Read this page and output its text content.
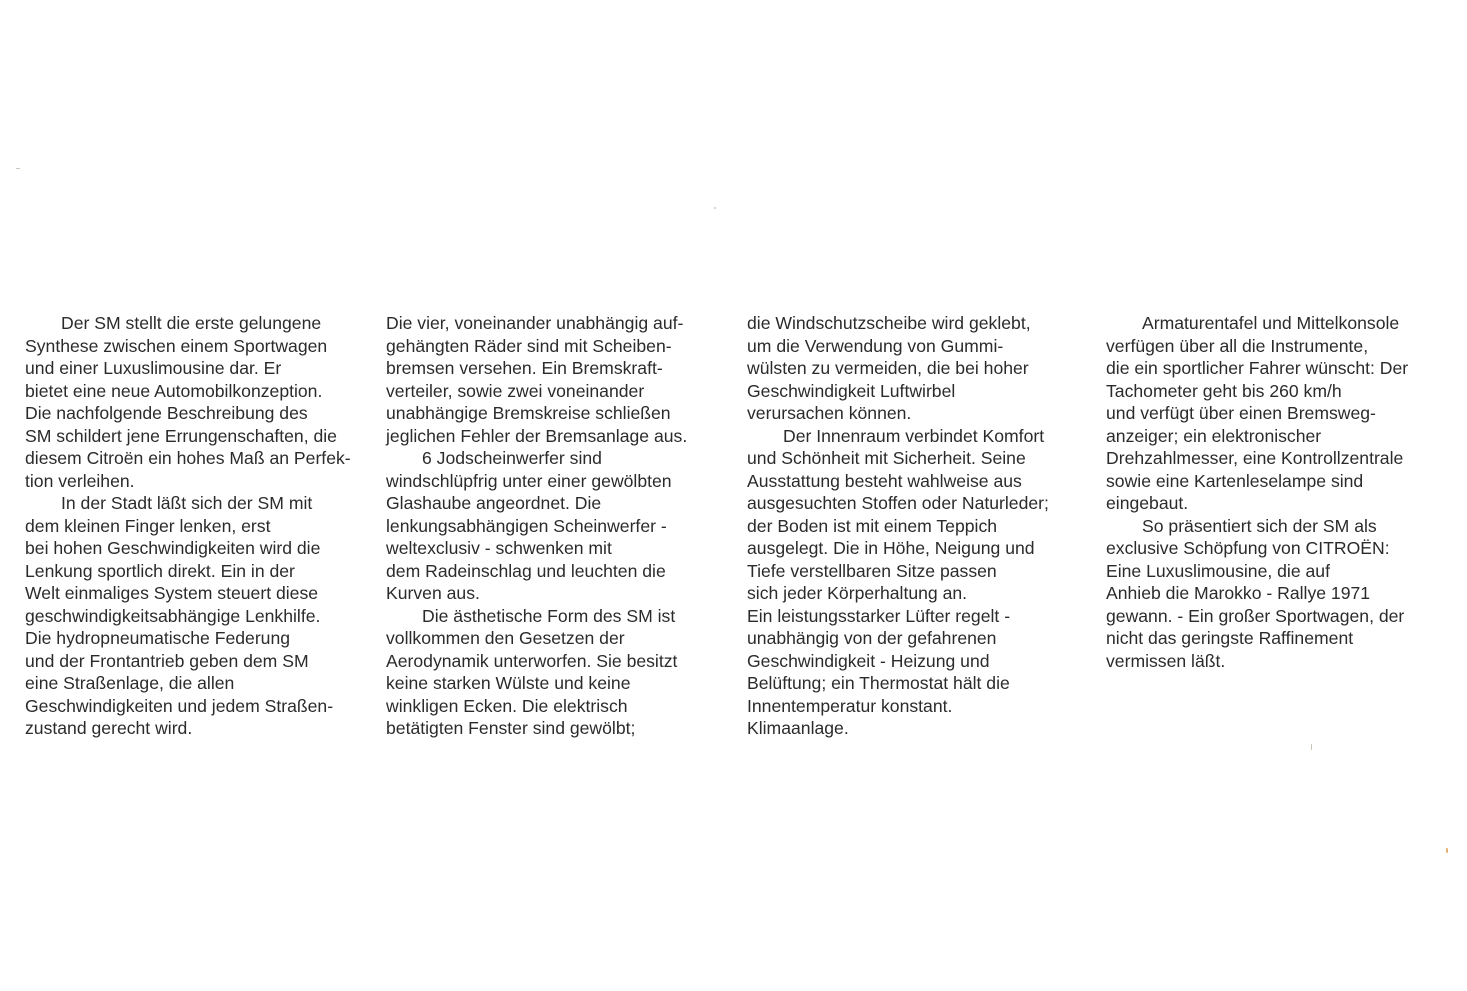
Der SM stellt die erste gelungene
Synthese zwischen einem Sportwagen
und einer Luxuslimousine dar. Er
bietet eine neue Automobilkonzeption.
Die nachfolgende Beschreibung des
SM schildert jene Errungenschaften, die
diesem Citroën ein hohes Maß an Perfek-
tion verleihen.
In der Stadt läßt sich der SM mit
dem kleinen Finger lenken, erst
bei hohen Geschwindigkeiten wird die
Lenkung sportlich direkt. Ein in der
Welt einmaliges System steuert diese
geschwindigkeitsabhängige Lenkhilfe.
Die hydropneumatische Federung
und der Frontantrieb geben dem SM
eine Straßenlage, die allen
Geschwindigkeiten und jedem Straßen-
zustand gerecht wird.
Die vier, voneinander unabhängig auf-
gehängten Räder sind mit Scheiben-
bremsen versehen. Ein Bremskraft-
verteiler, sowie zwei voneinander
unabhängige Bremskreise schließen
jeglichen Fehler der Bremsanlage aus.
6 Jodscheinwerfer sind
windschlüpfrig unter einer gewölbten
Glashaube angeordnet. Die
lenkungsabhängigen Scheinwerfer -
weltexclusiv - schwenken mit
dem Radeinschlag und leuchten die
Kurven aus.
Die ästhetische Form des SM ist
vollkommen den Gesetzen der
Aerodynamik unterworfen. Sie besitzt
keine starken Wülste und keine
winkligen Ecken. Die elektrisch
betätigten Fenster sind gewölbt;
die Windschutzscheibe wird geklebt,
um die Verwendung von Gummi-
wülsten zu vermeiden, die bei hoher
Geschwindigkeit Luftwirbel
verursachen können.
Der Innenraum verbindet Komfort
und Schönheit mit Sicherheit. Seine
Ausstattung besteht wahlweise aus
ausgesuchten Stoffen oder Naturleder;
der Boden ist mit einem Teppich
ausgelegt. Die in Höhe, Neigung und
Tiefe verstellbaren Sitze passen
sich jeder Körperhaltung an.
Ein leistungsstarker Lüfter regelt -
unabhängig von der gefahrenen
Geschwindigkeit - Heizung und
Belüftung; ein Thermostat hält die
Innentemperatur konstant.
Klimaanlage.
Armaturentafel und Mittelkonsole
verfügen über all die Instrumente,
die ein sportlicher Fahrer wünscht: Der
Tachometer geht bis 260 km/h
und verfügt über einen Bremsweg-
anzeiger; ein elektronischer
Drehzahlmesser, eine Kontrollzentrale
sowie eine Kartenleselampe sind
eingebaut.
So präsentiert sich der SM als
exclusive Schöpfung von CITROËN:
Eine Luxuslimousine, die auf
Anhieb die Marokko - Rallye 1971
gewann. - Ein großer Sportwagen, der
nicht das geringste Raffinement
vermissen läßt.
